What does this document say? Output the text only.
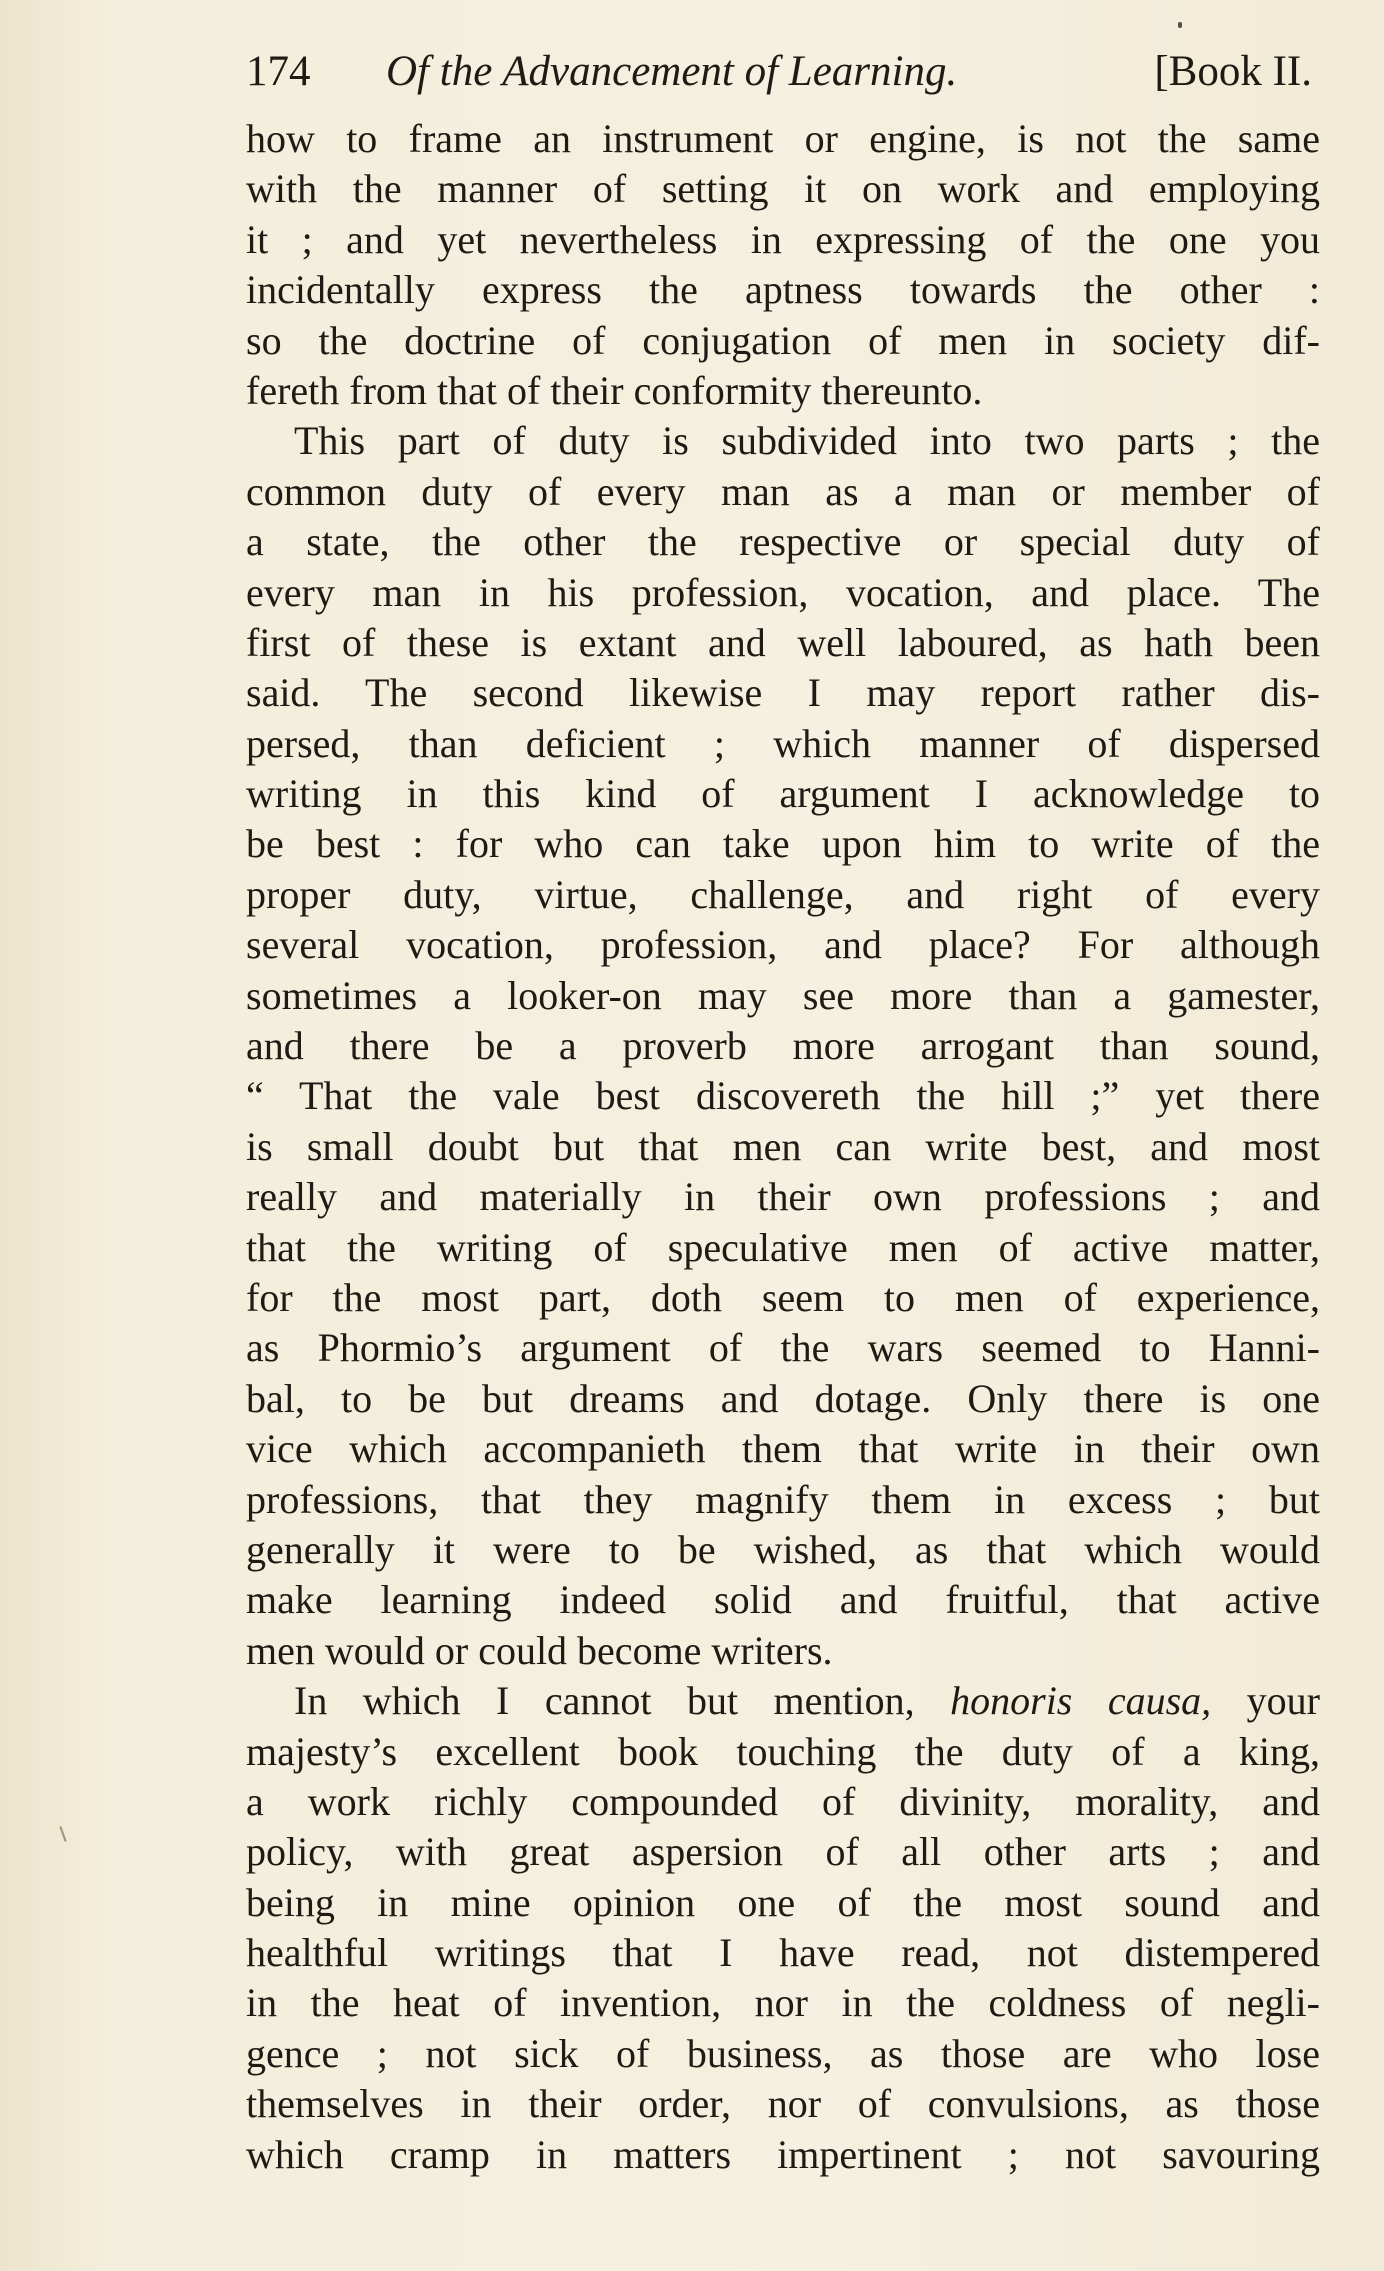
174 Of the Advancement of Learning.	[Book II.
how to frame an instrument or engine, is not the same
with the manner of setting it on work and employing
it ; and yet nevertheless in expressing of the one you
incidentally express the aptness towards the other :
so the doctrine of conjugation of men in society dif-
fereth from that of their conformity thereunto.
This part of duty is subdivided into two parts ; the
common duty of every man as a man or member of
a state, the other the respective or special duty of
every man in his profession, vocation, and place. The
first of these is extant and well laboured, as hath been
said. The second likewise I may report rather dis-
persed, than deficient ; which manner of dispersed
writing in this kind of argument I acknowledge to
be best : for who can take upon him to write of the
proper duty, virtue, challenge, and right of every
several vocation, profession, and place? For although
sometimes a looker-on may see more than a gamester,
and there be a proverb more arrogant than sound,
“ That the vale best discovereth the hill ;” yet there
is small doubt but that men can write best, and most
really and materially in their own professions ; and
that the writing of speculative men of active matter,
for the most part, doth seem to men of experience,
as Phormio’s argument of the wars seemed to Hanni-
bal, to be but dreams and dotage. Only there is one
vice which accompanieth them that write in their own
professions, that they magnify them in excess ; but
generally it were to be wished, as that which would
make learning indeed solid and fruitful, that active
men would or could become writers.
In which I cannot but mention, honoris causa, your
majesty’s excellent book touching the duty of a king,
a work richly compounded of divinity, morality, and
policy, with great aspersion of all other arts ; and
being in mine opinion one of the most sound and
healthful writings that I have read, not distempered
in the heat of invention, nor in the coldness of negli-
gence ; not sick of business, as those are who lose
themselves in their order, nor of convulsions, as those
which cramp in matters impertinent ; not savouring
